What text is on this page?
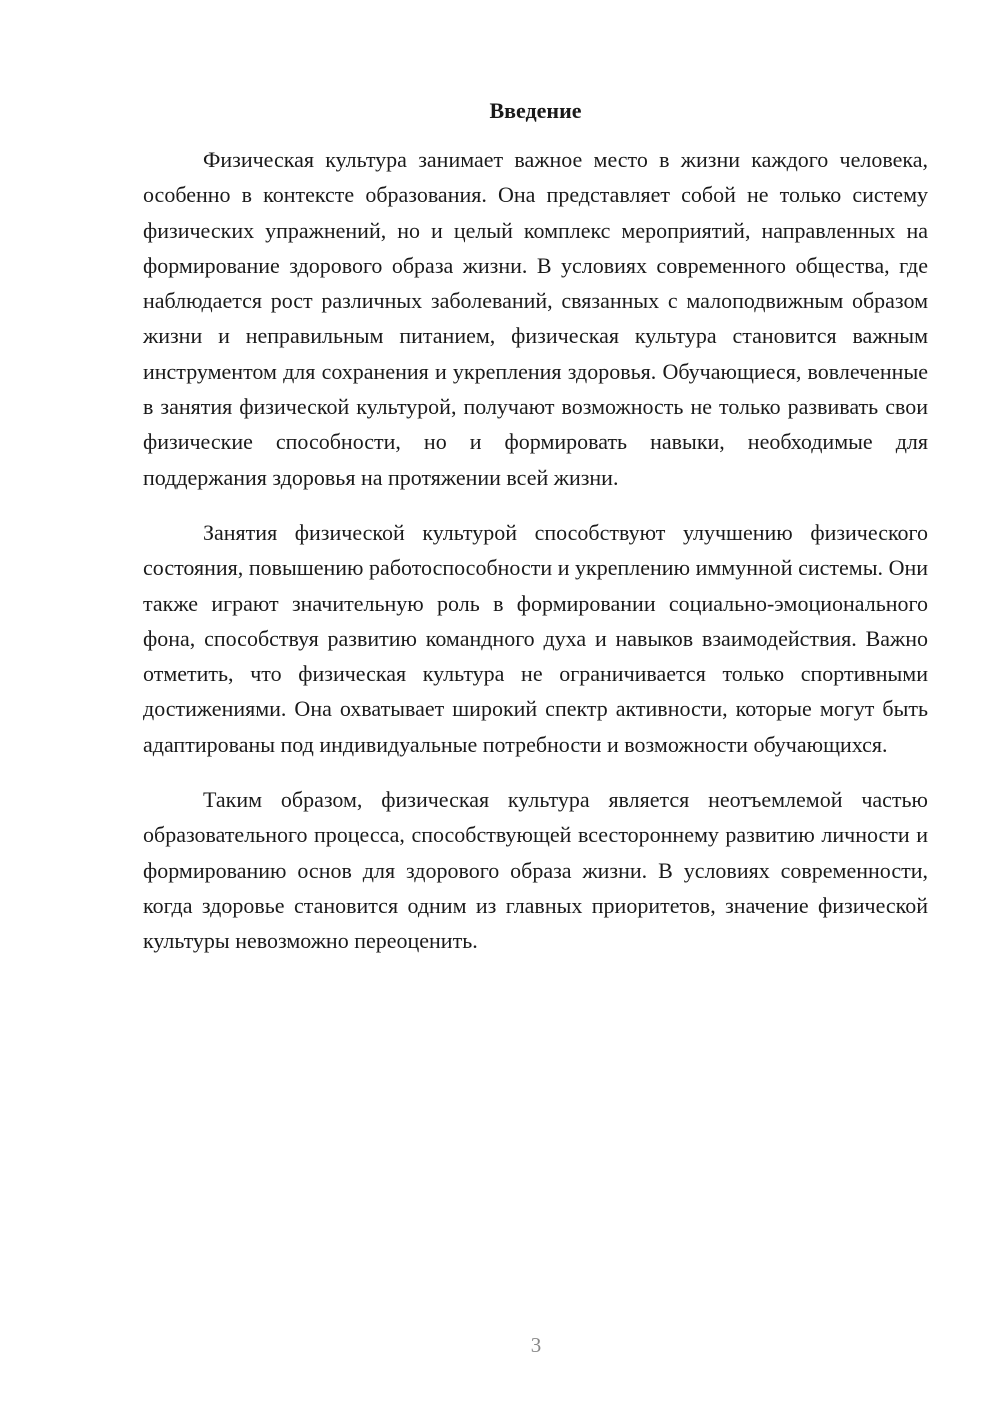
Введение

Физическая культура занимает важное место в жизни каждого человека, особенно в контексте образования. Она представляет собой не только систему физических упражнений, но и целый комплекс мероприятий, направленных на формирование здорового образа жизни. В условиях современного общества, где наблюдается рост различных заболеваний, связанных с малоподвижным образом жизни и неправильным питанием, физическая культура становится важным инструментом для сохранения и укрепления здоровья. Обучающиеся, вовлеченные в занятия физической культурой, получают возможность не только развивать свои физические способности, но и формировать навыки, необходимые для поддержания здоровья на протяжении всей жизни.

Занятия физической культурой способствуют улучшению физического состояния, повышению работоспособности и укреплению иммунной системы. Они также играют значительную роль в формировании социально-эмоционального фона, способствуя развитию командного духа и навыков взаимодействия. Важно отметить, что физическая культура не ограничивается только спортивными достижениями. Она охватывает широкий спектр активности, которые могут быть адаптированы под индивидуальные потребности и возможности обучающихся.

Таким образом, физическая культура является неотъемлемой частью образовательного процесса, способствующей всестороннему развитию личности и формированию основ для здорового образа жизни. В условиях современности, когда здоровье становится одним из главных приоритетов, значение физической культуры невозможно переоценить.

3
